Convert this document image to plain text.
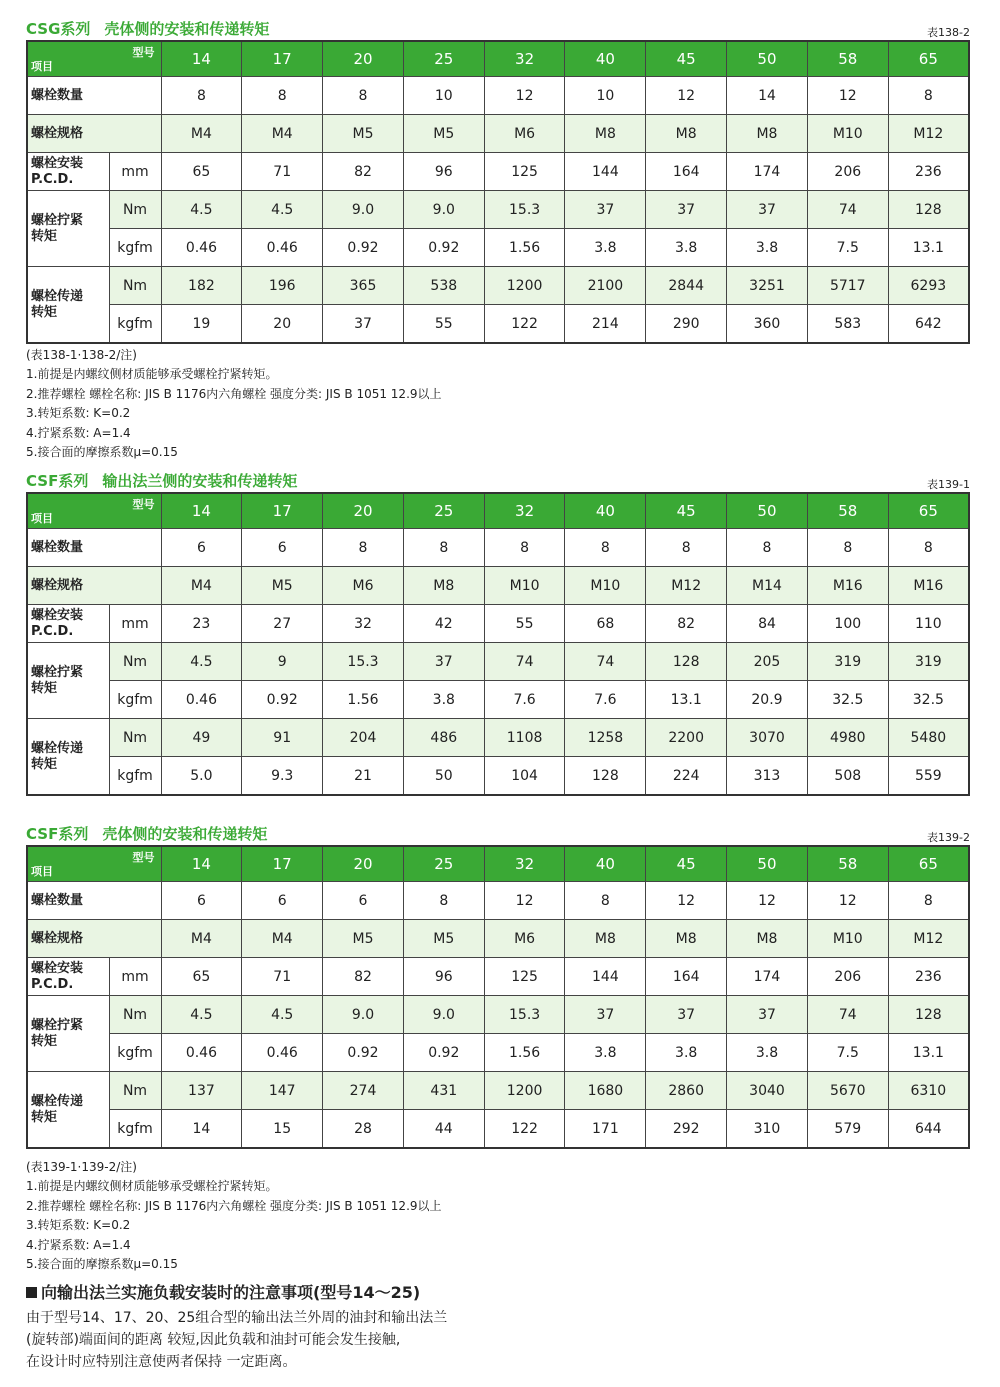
CSG系列 壳体侧的安装和传递转矩	表138-2
型号
项目		14	17	20	25	32	40	45	50	58	65
螺栓数量		8	8	8	10	12	10	12	14	12	8
螺栓规格		M4	M4	M5	M5	M6	M8	M8	M8	M10	M12
螺栓安装
P.C.D.	mm	65	71	82	96	125	144	164	174	206	236
螺栓拧紧
转矩	Nm	4.5	4.5	9.0	9.0	15.3	37	37	37	74	128
	kgfm	0.46	0.46	0.92	0.92	1.56	3.8	3.8	3.8	7.5	13.1
螺栓传递
转矩	Nm	182	196	365	538	1200	2100	2844	3251	5717	6293
	kgfm	19	20	37	55	122	214	290	360	583	642
(表138-1·138-2/注)
1.前提是内螺纹侧材质能够承受螺栓拧紧转矩。
2.推荐螺栓 螺栓名称: JIS B 1176内六角螺栓 强度分类: JIS B 1051 12.9以上
3.转矩系数: K=0.2
4.拧紧系数: A=1.4
5.接合面的摩擦系数μ=0.15
CSF系列 输出法兰侧的安装和传递转矩	表139-1
型号
项目		14	17	20	25	32	40	45	50	58	65
螺栓数量		6	6	8	8	8	8	8	8	8	8
螺栓规格		M4	M5	M6	M8	M10	M10	M12	M14	M16	M16
螺栓安装
P.C.D.	mm	23	27	32	42	55	68	82	84	100	110
螺栓拧紧
转矩	Nm	4.5	9	15.3	37	74	74	128	205	319	319
	kgfm	0.46	0.92	1.56	3.8	7.6	7.6	13.1	20.9	32.5	32.5
螺栓传递
转矩	Nm	49	91	204	486	1108	1258	2200	3070	4980	5480
	kgfm	5.0	9.3	21	50	104	128	224	313	508	559
CSF系列 壳体侧的安装和传递转矩	表139-2
型号
项目		14	17	20	25	32	40	45	50	58	65
螺栓数量		6	6	6	8	12	8	12	12	12	8
螺栓规格		M4	M4	M5	M5	M6	M8	M8	M8	M10	M12
螺栓安装
P.C.D.	mm	65	71	82	96	125	144	164	174	206	236
螺栓拧紧
转矩	Nm	4.5	4.5	9.0	9.0	15.3	37	37	37	74	128
	kgfm	0.46	0.46	0.92	0.92	1.56	3.8	3.8	3.8	7.5	13.1
螺栓传递
转矩	Nm	137	147	274	431	1200	1680	2860	3040	5670	6310
	kgfm	14	15	28	44	122	171	292	310	579	644
(表139-1·139-2/注)
1.前提是内螺纹侧材质能够承受螺栓拧紧转矩。
2.推荐螺栓 螺栓名称: JIS B 1176内六角螺栓 强度分类: JIS B 1051 12.9以上
3.转矩系数: K=0.2
4.拧紧系数: A=1.4
5.接合面的摩擦系数μ=0.15
向输出法兰实施负载安装时的注意事项(型号14〜25)
由于型号14、17、20、25组合型的输出法兰外周的油封和输出法兰
(旋转部)端面间的距离 较短,因此负载和油封可能会发生接触,
在设计时应特别注意使两者保持 一定距离。
